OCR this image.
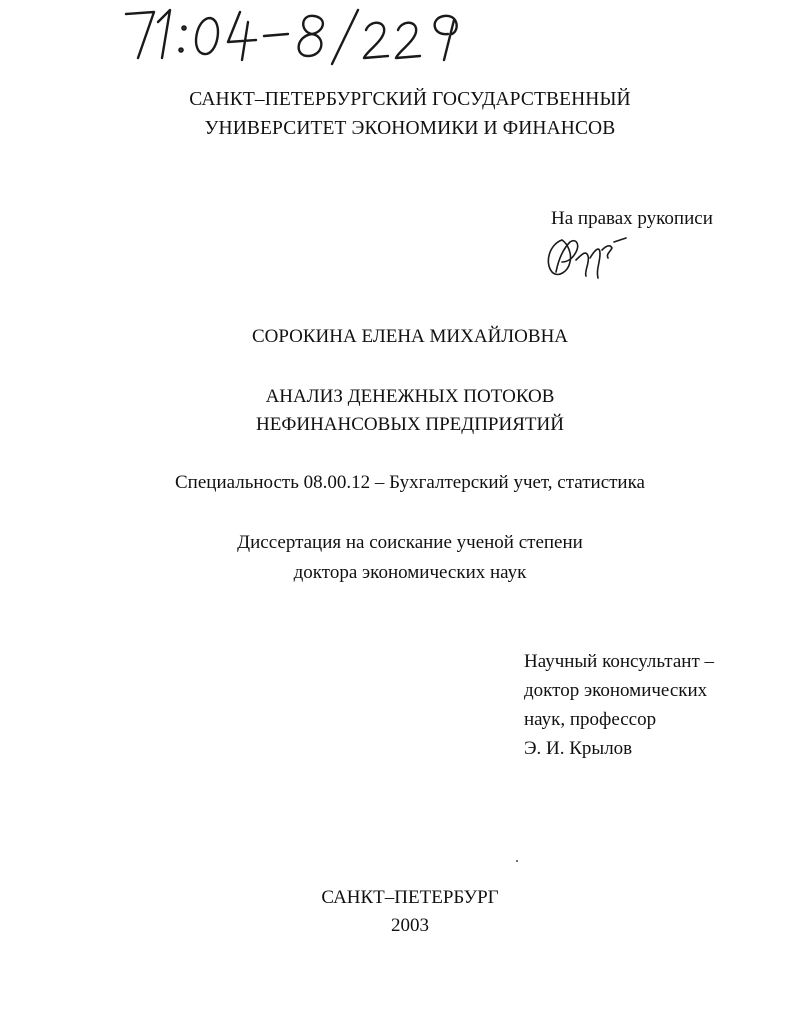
САНКТ–ПЕТЕРБУРГСКИЙ ГОСУДАРСТВЕННЫЙ
УНИВЕРСИТЕТ ЭКОНОМИКИ И ФИНАНСОВ
На правах рукописи
СОРОКИНА ЕЛЕНА МИХАЙЛОВНА
АНАЛИЗ ДЕНЕЖНЫХ ПОТОКОВ
НЕФИНАНСОВЫХ ПРЕДПРИЯТИЙ
Специальность 08.00.12 – Бухгалтерский учет, статистика
Диссертация на соискание ученой степени
доктора экономических наук
Научный консультант –
доктор экономических
наук, профессор
Э. И. Крылов
САНКТ–ПЕТЕРБУРГ
2003
